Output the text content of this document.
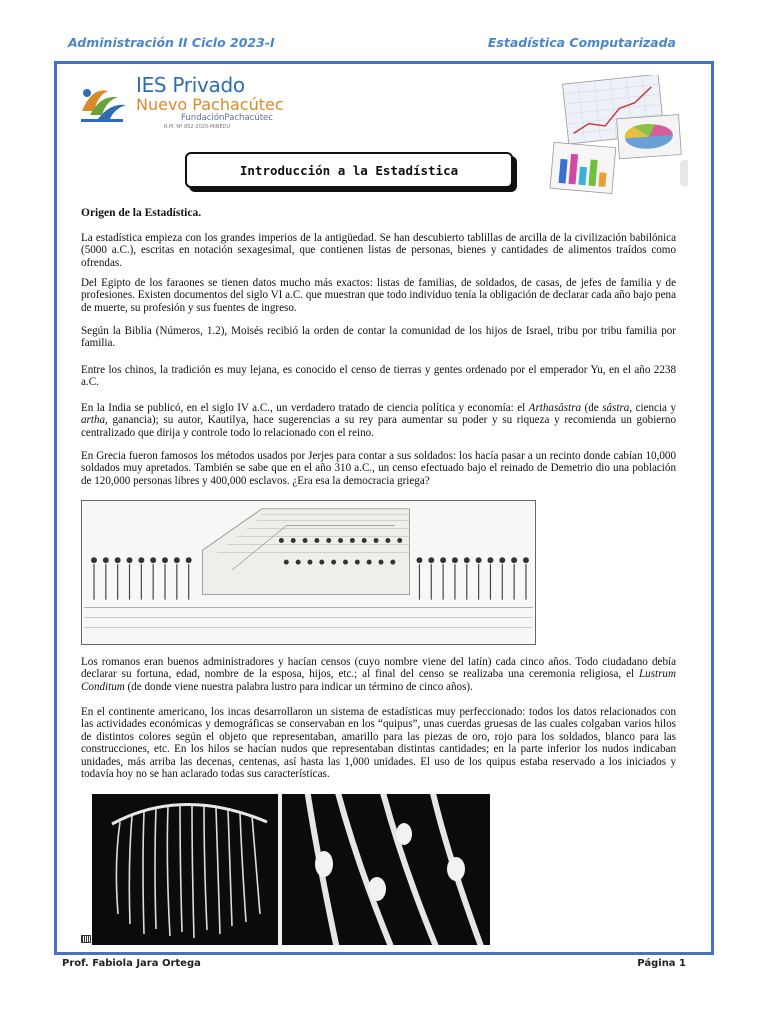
Administración II Ciclo 2023-I	Estadística Computarizada
IES Privado
Nuevo Pachacútec
FundaciónPachacútec
R.M. Nº 852-2020-MINEDU
Introducción a la Estadística
Origen de la Estadística.
La estadística empieza con los grandes imperios de la antigüedad. Se han descubierto tablillas de arcilla de la civilización babilónica (5000 a.C.), escritas en notación sexagesimal, que contienen listas de personas, bienes y cantidades de alimentos traídos como ofrendas.
Del Egipto de los faraones se tienen datos mucho más exactos: listas de familias, de soldados, de casas, de jefes de familia y de profesiones. Existen documentos del siglo VI a.C. que muestran que todo individuo tenía la obligación de declarar cada año bajo pena de muerte, su profesión y sus fuentes de ingreso.
Según la Biblia (Números, 1.2), Moisés recibió la orden de contar la comunidad de los hijos de Israel, tribu por tribu familia por familia.
Entre los chinos, la tradición es muy lejana, es conocido el censo de tierras y gentes ordenado por el emperador Yu, en el año 2238 a.C.
En la India se publicó, en el siglo IV a.C., un verdadero tratado de ciencia política y economía: el Arthasâstra (de sâstra, ciencia y artha, ganancia); su autor, Kautilya, hace sugerencias a su rey para aumentar su poder y su riqueza y recomienda un gobierno centralizado que dirija y controle todo lo relacionado con el reino.
En Grecia fueron famosos los métodos usados por Jerjes para contar a sus soldados: los hacía pasar a un recinto donde cabían 10,000 soldados muy apretados. También se sabe que en el año 310 a.C., un censo efectuado bajo el reinado de Demetrio dio una población de 120,000 personas libres y 400,000 esclavos. ¿Era esa la democracia griega?
Los romanos eran buenos administradores y hacían censos (cuyo nombre viene del latín) cada cinco años. Todo ciudadano debía declarar su fortuna, edad, nombre de la esposa, hijos, etc.; al final del censo se realizaba una ceremonia religiosa, el Lustrum Conditum (de donde viene nuestra palabra lustro para indicar un término de cinco años).
En el continente americano, los incas desarrollaron un sistema de estadísticas muy perfeccionado: todos los datos relacionados con las actividades económicas y demográficas se conservaban en los “quipus”, unas cuerdas gruesas de las cuales colgaban varios hilos de distintos colores según el objeto que representaban, amarillo para las piezas de oro, rojo para los soldados, blanco para las construcciones, etc. En los hilos se hacían nudos que representaban distintas cantidades; en la parte inferior los nudos indicaban unidades, más arriba las decenas, centenas, así hasta las 1,000 unidades. El uso de los quipus estaba reservado a los iniciados y todavía hoy no se han aclarado todas sus características.
Prof. Fabiola Jara Ortega	Página 1
